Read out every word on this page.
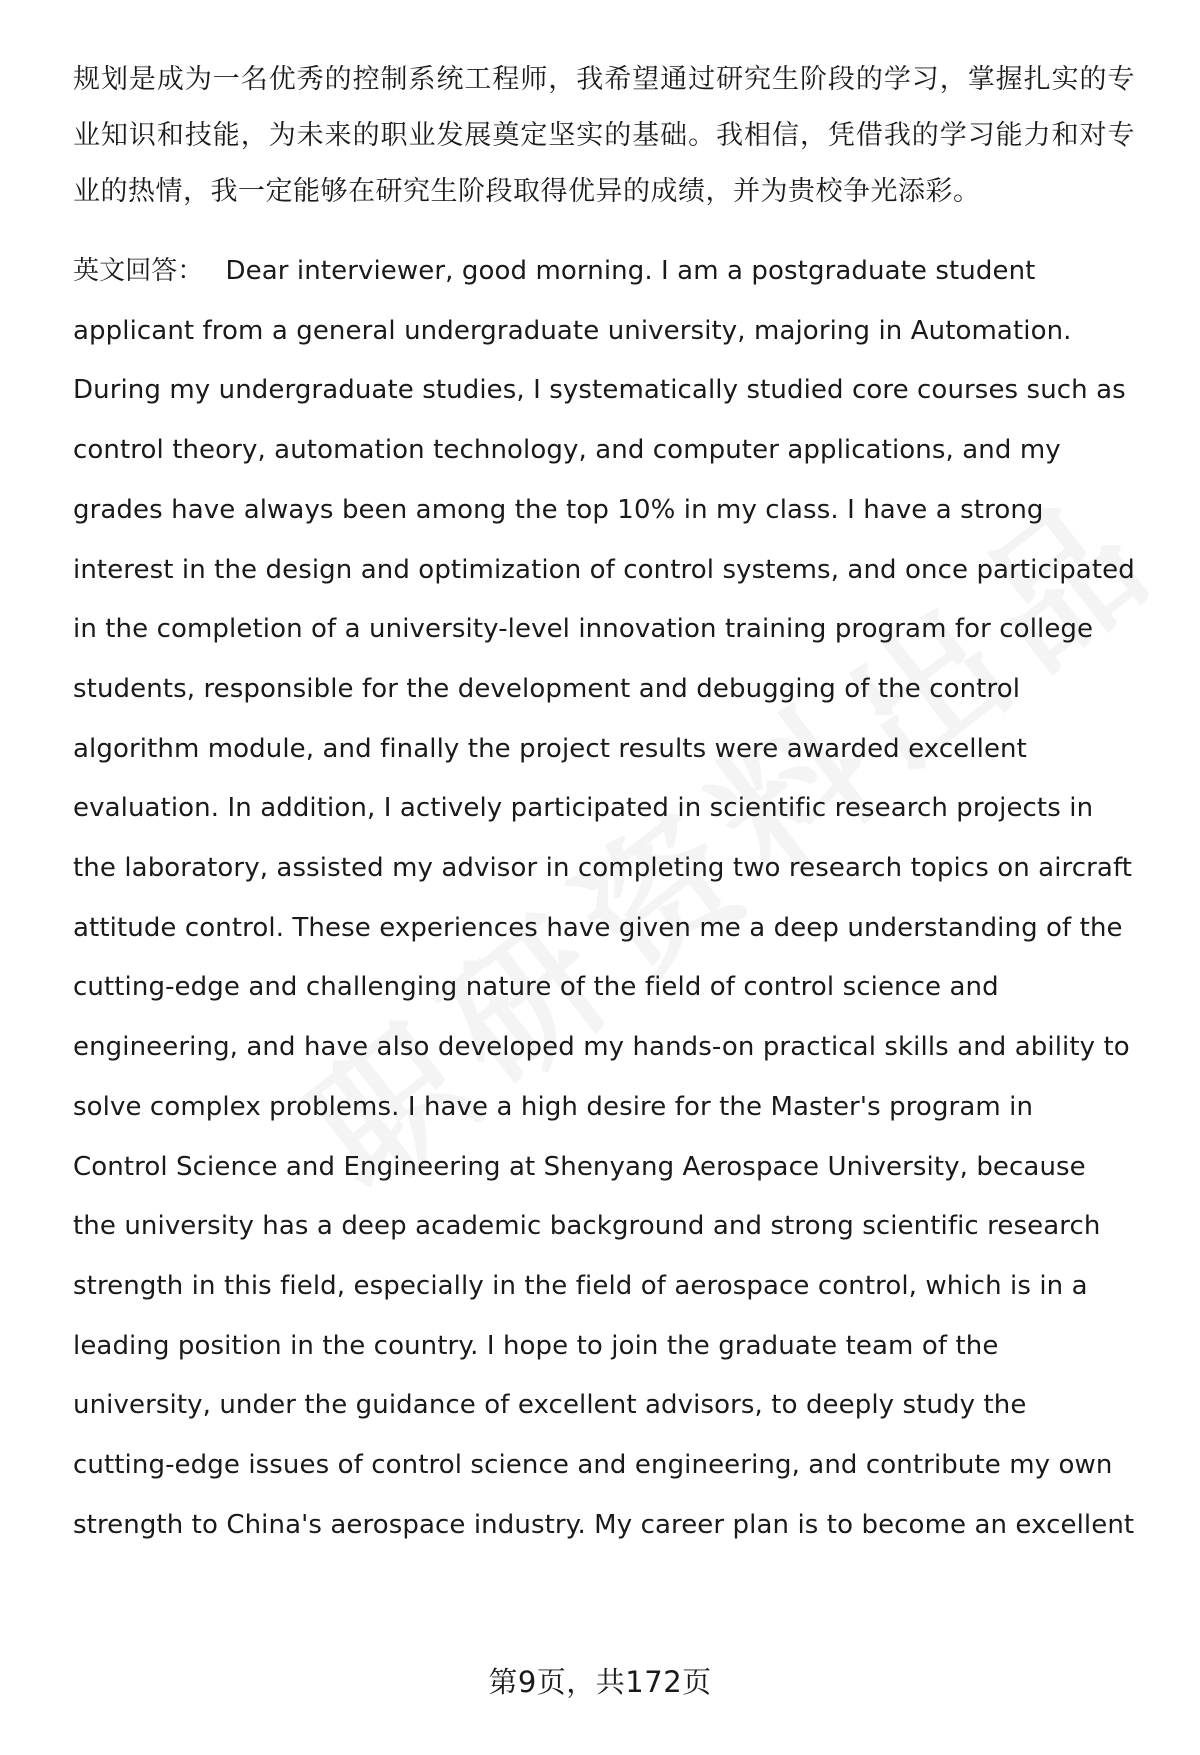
规划是成为一名优秀的控制系统工程师，我希望通过研究生阶段的学习，掌握扎实的专业知识和技能，为未来的职业发展奠定坚实的基础。我相信，凭借我的学习能力和对专业的热情，我一定能够在研究生阶段取得优异的成绩，并为贵校争光添彩。

英文回答： Dear interviewer, good morning. I am a postgraduate student applicant from a general undergraduate university, majoring in Automation. During my undergraduate studies, I systematically studied core courses such as control theory, automation technology, and computer applications, and my grades have always been among the top 10% in my class. I have a strong interest in the design and optimization of control systems, and once participated in the completion of a university-level innovation training program for college students, responsible for the development and debugging of the control algorithm module, and finally the project results were awarded excellent evaluation. In addition, I actively participated in scientific research projects in the laboratory, assisted my advisor in completing two research topics on aircraft attitude control. These experiences have given me a deep understanding of the cutting-edge and challenging nature of the field of control science and engineering, and have also developed my hands-on practical skills and ability to solve complex problems. I have a high desire for the Master's program in Control Science and Engineering at Shenyang Aerospace University, because the university has a deep academic background and strong scientific research strength in this field, especially in the field of aerospace control, which is in a leading position in the country. I hope to join the graduate team of the university, under the guidance of excellent advisors, to deeply study the cutting-edge issues of control science and engineering, and contribute my own strength to China's aerospace industry. My career plan is to become an excellent

第9页，共172页
